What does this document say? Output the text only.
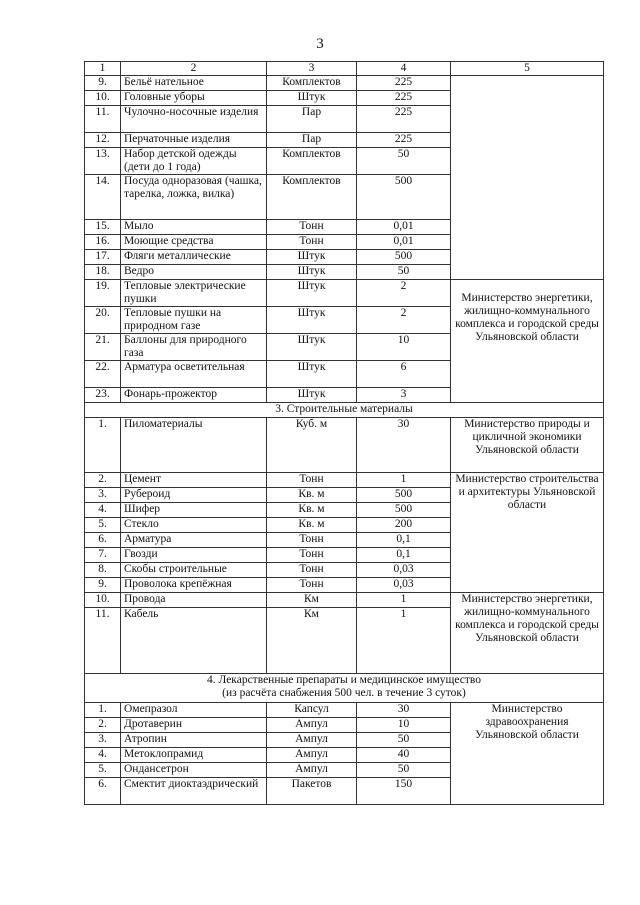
3
1	2	3	4	5
9.	Бельё нательное	Комплектов	225	
10.	Головные уборы	Штук	225	
11.	Чулочно-носочные изделия	Пар	225	
12.	Перчаточные изделия	Пар	225	
13.	Набор детской одежды (дети до 1 года)	Комплектов	50	
14.	Посуда одноразовая (чашка, тарелка, ложка, вилка)	Комплектов	500	
15.	Мыло	Тонн	0,01	
16.	Моющие средства	Тонн	0,01	
17.	Фляги металлические	Штук	500	
18.	Ведро	Штук	50	
19.	Тепловые электрические пушки	Штук	2	Министерство энергетики, жилищно-коммунального комплекса и городской среды Ульяновской области
20.	Тепловые пушки на природном газе	Штук	2	
21.	Баллоны для природного газа	Штук	10	
22.	Арматура осветительная	Штук	6	
23.	Фонарь-прожектор	Штук	3	

3. Строительные материалы				

1.	Пиломатериалы	Куб. м	30	Министерство природы и цикличной экономики Ульяновской области
2.	Цемент	Тонн	1	Министерство строительства и архитектуры Ульяновской области
3.	Рубероид	Кв. м	500	
4.	Шифер	Кв. м	500	
5.	Стекло	Кв. м	200	
6.	Арматура	Тонн	0,1	
7.	Гвозди	Тонн	0,1	
8.	Скобы строительные	Тонн	0,03	
9.	Проволока крепёжная	Тонн	0,03	
10.	Провода	Км	1	Министерство энергетики, жилищно-коммунального комплекса и городской среды Ульяновской области
11.	Кабель	Км	1	

4. Лекарственные препараты и медицинское имущество
(из расчёта снабжения 500 чел. в течение 3 суток)				

1.	Омепразол	Капсул	30	Министерство здравоохранения Ульяновской области
2.	Дротаверин	Ампул	10	
3.	Атропин	Ампул	50	
4.	Метоклопрамид	Ампул	40	
5.	Ондансетрон	Ампул	50	
6.	Смектит диоктаэдрический	Пакетов	150	
